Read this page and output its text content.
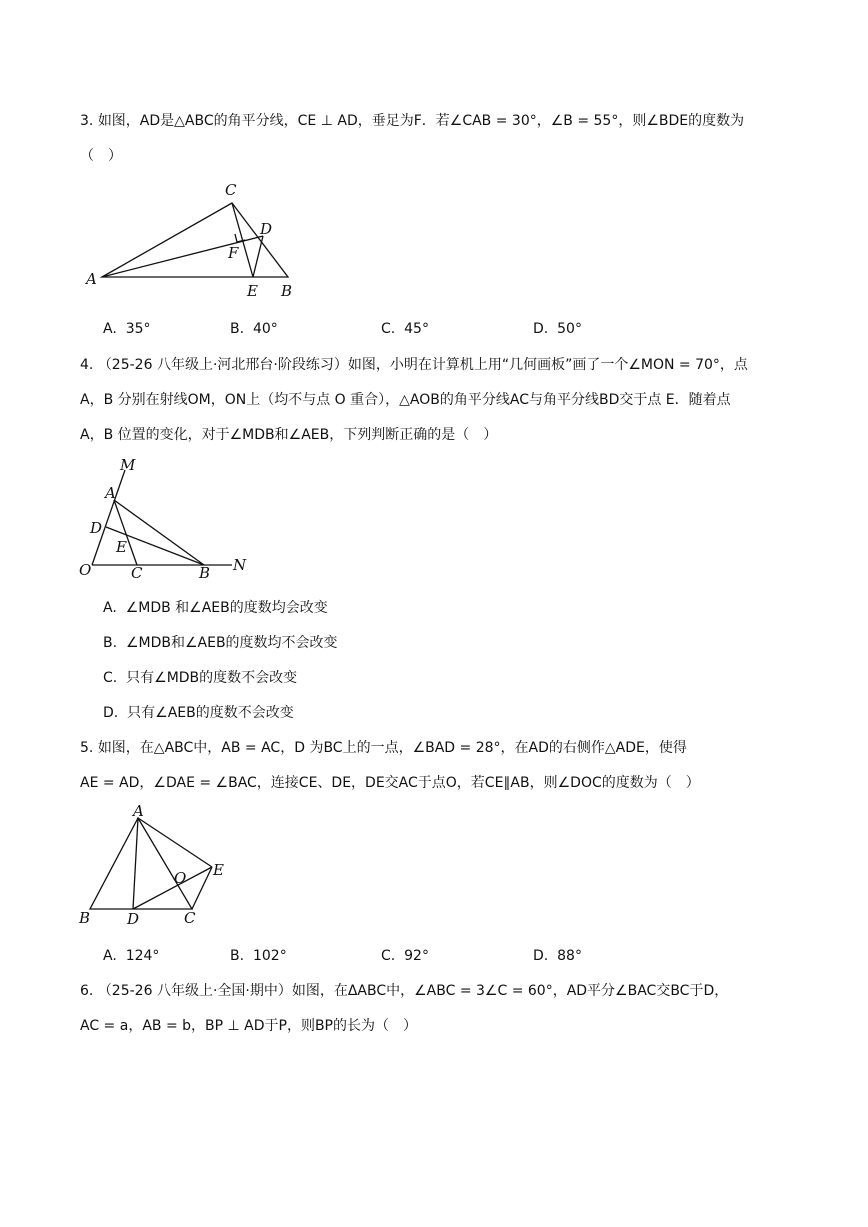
3. 如图，AD是△ABC的角平分线，CE ⊥ AD，垂足为F．若∠CAB = 30°，∠B = 55°，则∠BDE的度数为
（　）
C
D
F
A
E B
A. 35°	B. 40°	C. 45°	D. 50°
4. （25-26 八年级上·河北邢台·阶段练习）如图，小明在计算机上用“几何画板”画了一个∠MON = 70°，点
A，B 分别在射线OM，ON上（均不与点 O 重合），△AOB的角平分线AC与角平分线BD交于点 E．随着点
A，B 位置的变化，对于∠MDB和∠AEB，下列判断正确的是（　）
M
A
D
E
O	C	B N
A. ∠MDB 和∠AEB的度数均会改变
B. ∠MDB和∠AEB的度数均不会改变
C. 只有∠MDB的度数不会改变
D. 只有∠AEB的度数不会改变
5. 如图，在△ABC中，AB = AC，D 为BC上的一点，∠BAD = 28°，在AD的右侧作△ADE，使得
AE = AD，∠DAE = ∠BAC，连接CE、DE，DE交AC于点O，若CE∥AB，则∠DOC的度数为（　）
A
O E
B D	C
A. 124°	B. 102°	C. 92°	D. 88°
6. （25-26 八年级上·全国·期中）如图，在ΔABC中，∠ABC = 3∠C = 60°，AD平分∠BAC交BC于D，
AC = a，AB = b，BP ⊥ AD于P，则BP的长为（　）
